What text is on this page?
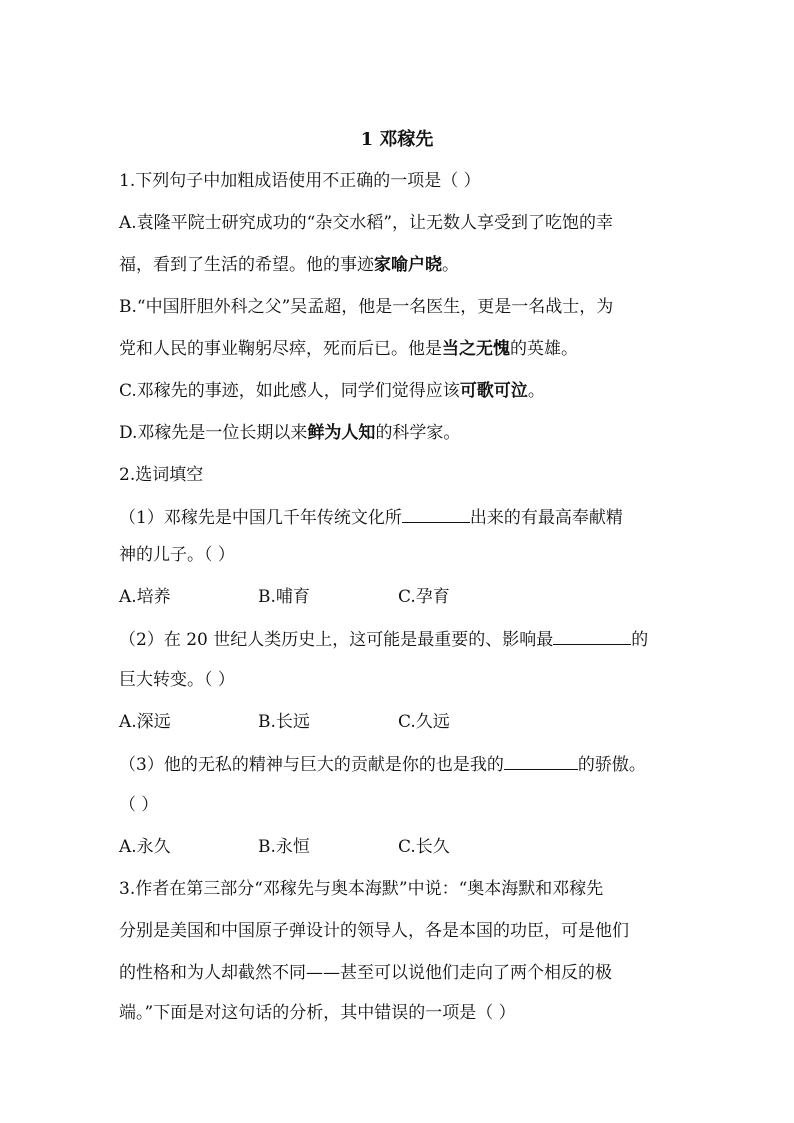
1 邓稼先
1.下列句子中加粗成语使用不正确的一项是（ ）
A.袁隆平院士研究成功的“杂交水稻”，让无数人享受到了吃饱的幸
福，看到了生活的希望。他的事迹家喻户晓。
B.“中国肝胆外科之父”吴孟超，他是一名医生，更是一名战士，为
党和人民的事业鞠躬尽瘁，死而后已。他是当之无愧的英雄。
C.邓稼先的事迹，如此感人，同学们觉得应该可歌可泣。
D.邓稼先是一位长期以来鲜为人知的科学家。
2.选词填空
（1）邓稼先是中国几千年传统文化所	出来的有最高奉献精
神的儿子。（ ）
A.培养	B.哺育	C.孕育
（2）在 20 世纪人类历史上，这可能是最重要的、影响最	的
巨大转变。（ ）
A.深远	B.长远	C.久远
（3）他的无私的精神与巨大的贡献是你的也是我的	的骄傲。
（ ）
A.永久	B.永恒	C.长久
3.作者在第三部分“邓稼先与奥本海默”中说：“奥本海默和邓稼先
分别是美国和中国原子弹设计的领导人，各是本国的功臣，可是他们
的性格和为人却截然不同——甚至可以说他们走向了两个相反的极
端。”下面是对这句话的分析，其中错误的一项是（ ）
